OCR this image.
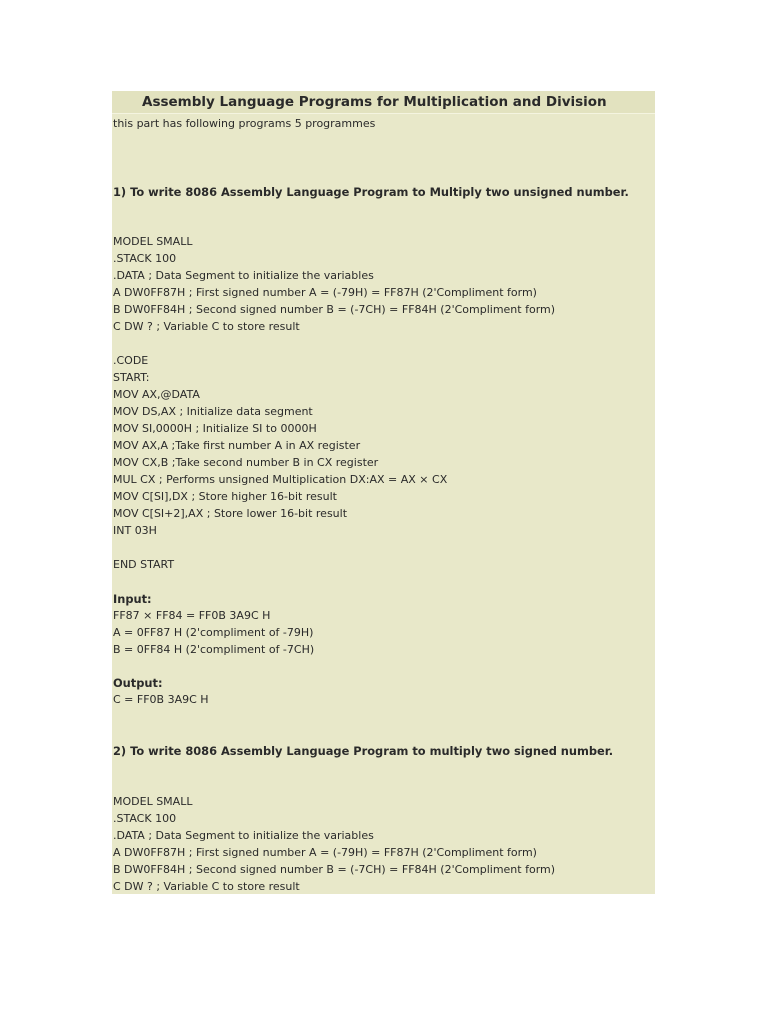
Assembly Language Programs for Multiplication and Division
this part has following programs 5 programmes
1) To write 8086 Assembly Language Program to Multiply two unsigned number.
MODEL SMALL
.STACK 100
.DATA ; Data Segment to initialize the variables
A DW0FF87H ; First signed number A = (-79H) = FF87H (2'Compliment form)
B DW0FF84H ; Second signed number B = (-7CH) = FF84H (2'Compliment form)
C DW ? ; Variable C to store result
.CODE
START:
MOV AX,@DATA
MOV DS,AX ; Initialize data segment
MOV SI,0000H ; Initialize SI to 0000H
MOV AX,A ;Take first number A in AX register
MOV CX,B ;Take second number B in CX register
MUL CX ; Performs unsigned Multiplication DX:AX = AX × CX
MOV C[SI],DX ; Store higher 16-bit result
MOV C[SI+2],AX ; Store lower 16-bit result
INT 03H
END START
Input:
FF87 × FF84 = FF0B 3A9C H
A = 0FF87 H (2'compliment of -79H)
B = 0FF84 H (2'compliment of -7CH)
Output:
C = FF0B 3A9C H
2) To write 8086 Assembly Language Program to multiply two signed number.
MODEL SMALL
.STACK 100
.DATA ; Data Segment to initialize the variables
A DW0FF87H ; First signed number A = (-79H) = FF87H (2'Compliment form)
B DW0FF84H ; Second signed number B = (-7CH) = FF84H (2'Compliment form)
C DW ? ; Variable C to store result
